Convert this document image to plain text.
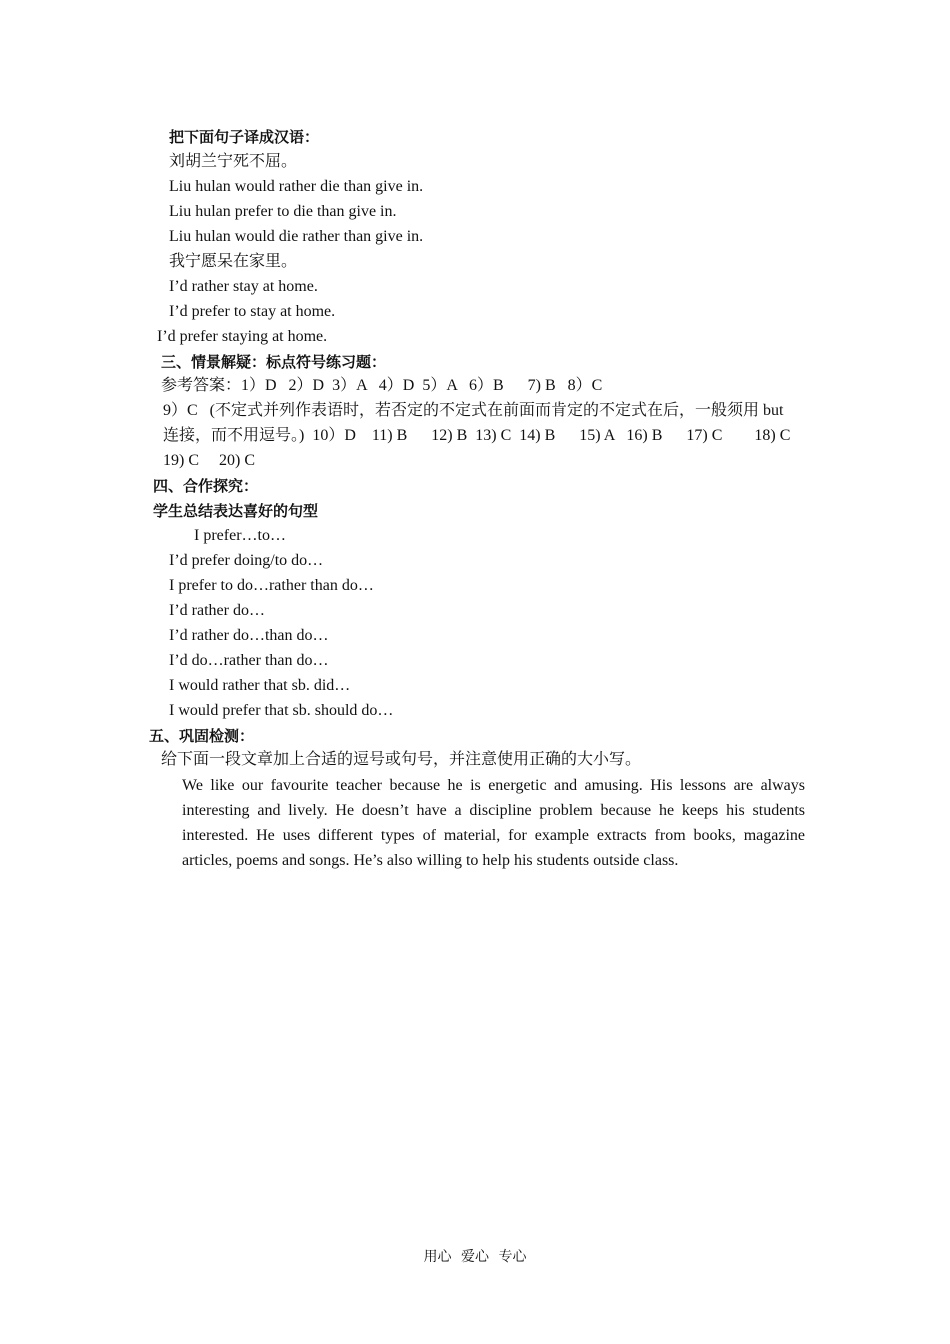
把下面句子译成汉语：
刘胡兰宁死不屈。
Liu hulan would rather die than give in.
Liu hulan prefer to die than give in.
Liu hulan would die rather than give in.
我宁愿呆在家里。
I’d rather stay at home.
I’d prefer to stay at home.
I’d prefer staying at home.
三、情景解疑：标点符号练习题：
参考答案：1）D   2）D  3）A   4）D  5）A   6）B      7) B   8）C
9）C   (不定式并列作表语时，若否定的不定式在前面而肯定的不定式在后，一般须用 but
连接，而不用逗号。)  10）D    11) B      12) B  13) C  14) B      15) A   16) B      17) C        18) C
19) C     20) C
四、合作探究：
学生总结表达喜好的句型
I prefer…to…
I’d prefer doing/to do…
I prefer to do…rather than do…
I’d rather do…
I’d rather do…than do…
I’d do…rather than do…
I would rather that sb. did…
I would prefer that sb. should do…
五、巩固检测：
给下面一段文章加上合适的逗号或句号，并注意使用正确的大小写。
We like our favourite teacher because he is energetic and amusing. His lessons are always interesting and lively. He doesn’t have a discipline problem because he keeps his students interested. He uses different types of material, for example extracts from books, magazine articles, poems and songs. He’s also willing to help his students outside class.
用心 爱心 专心
